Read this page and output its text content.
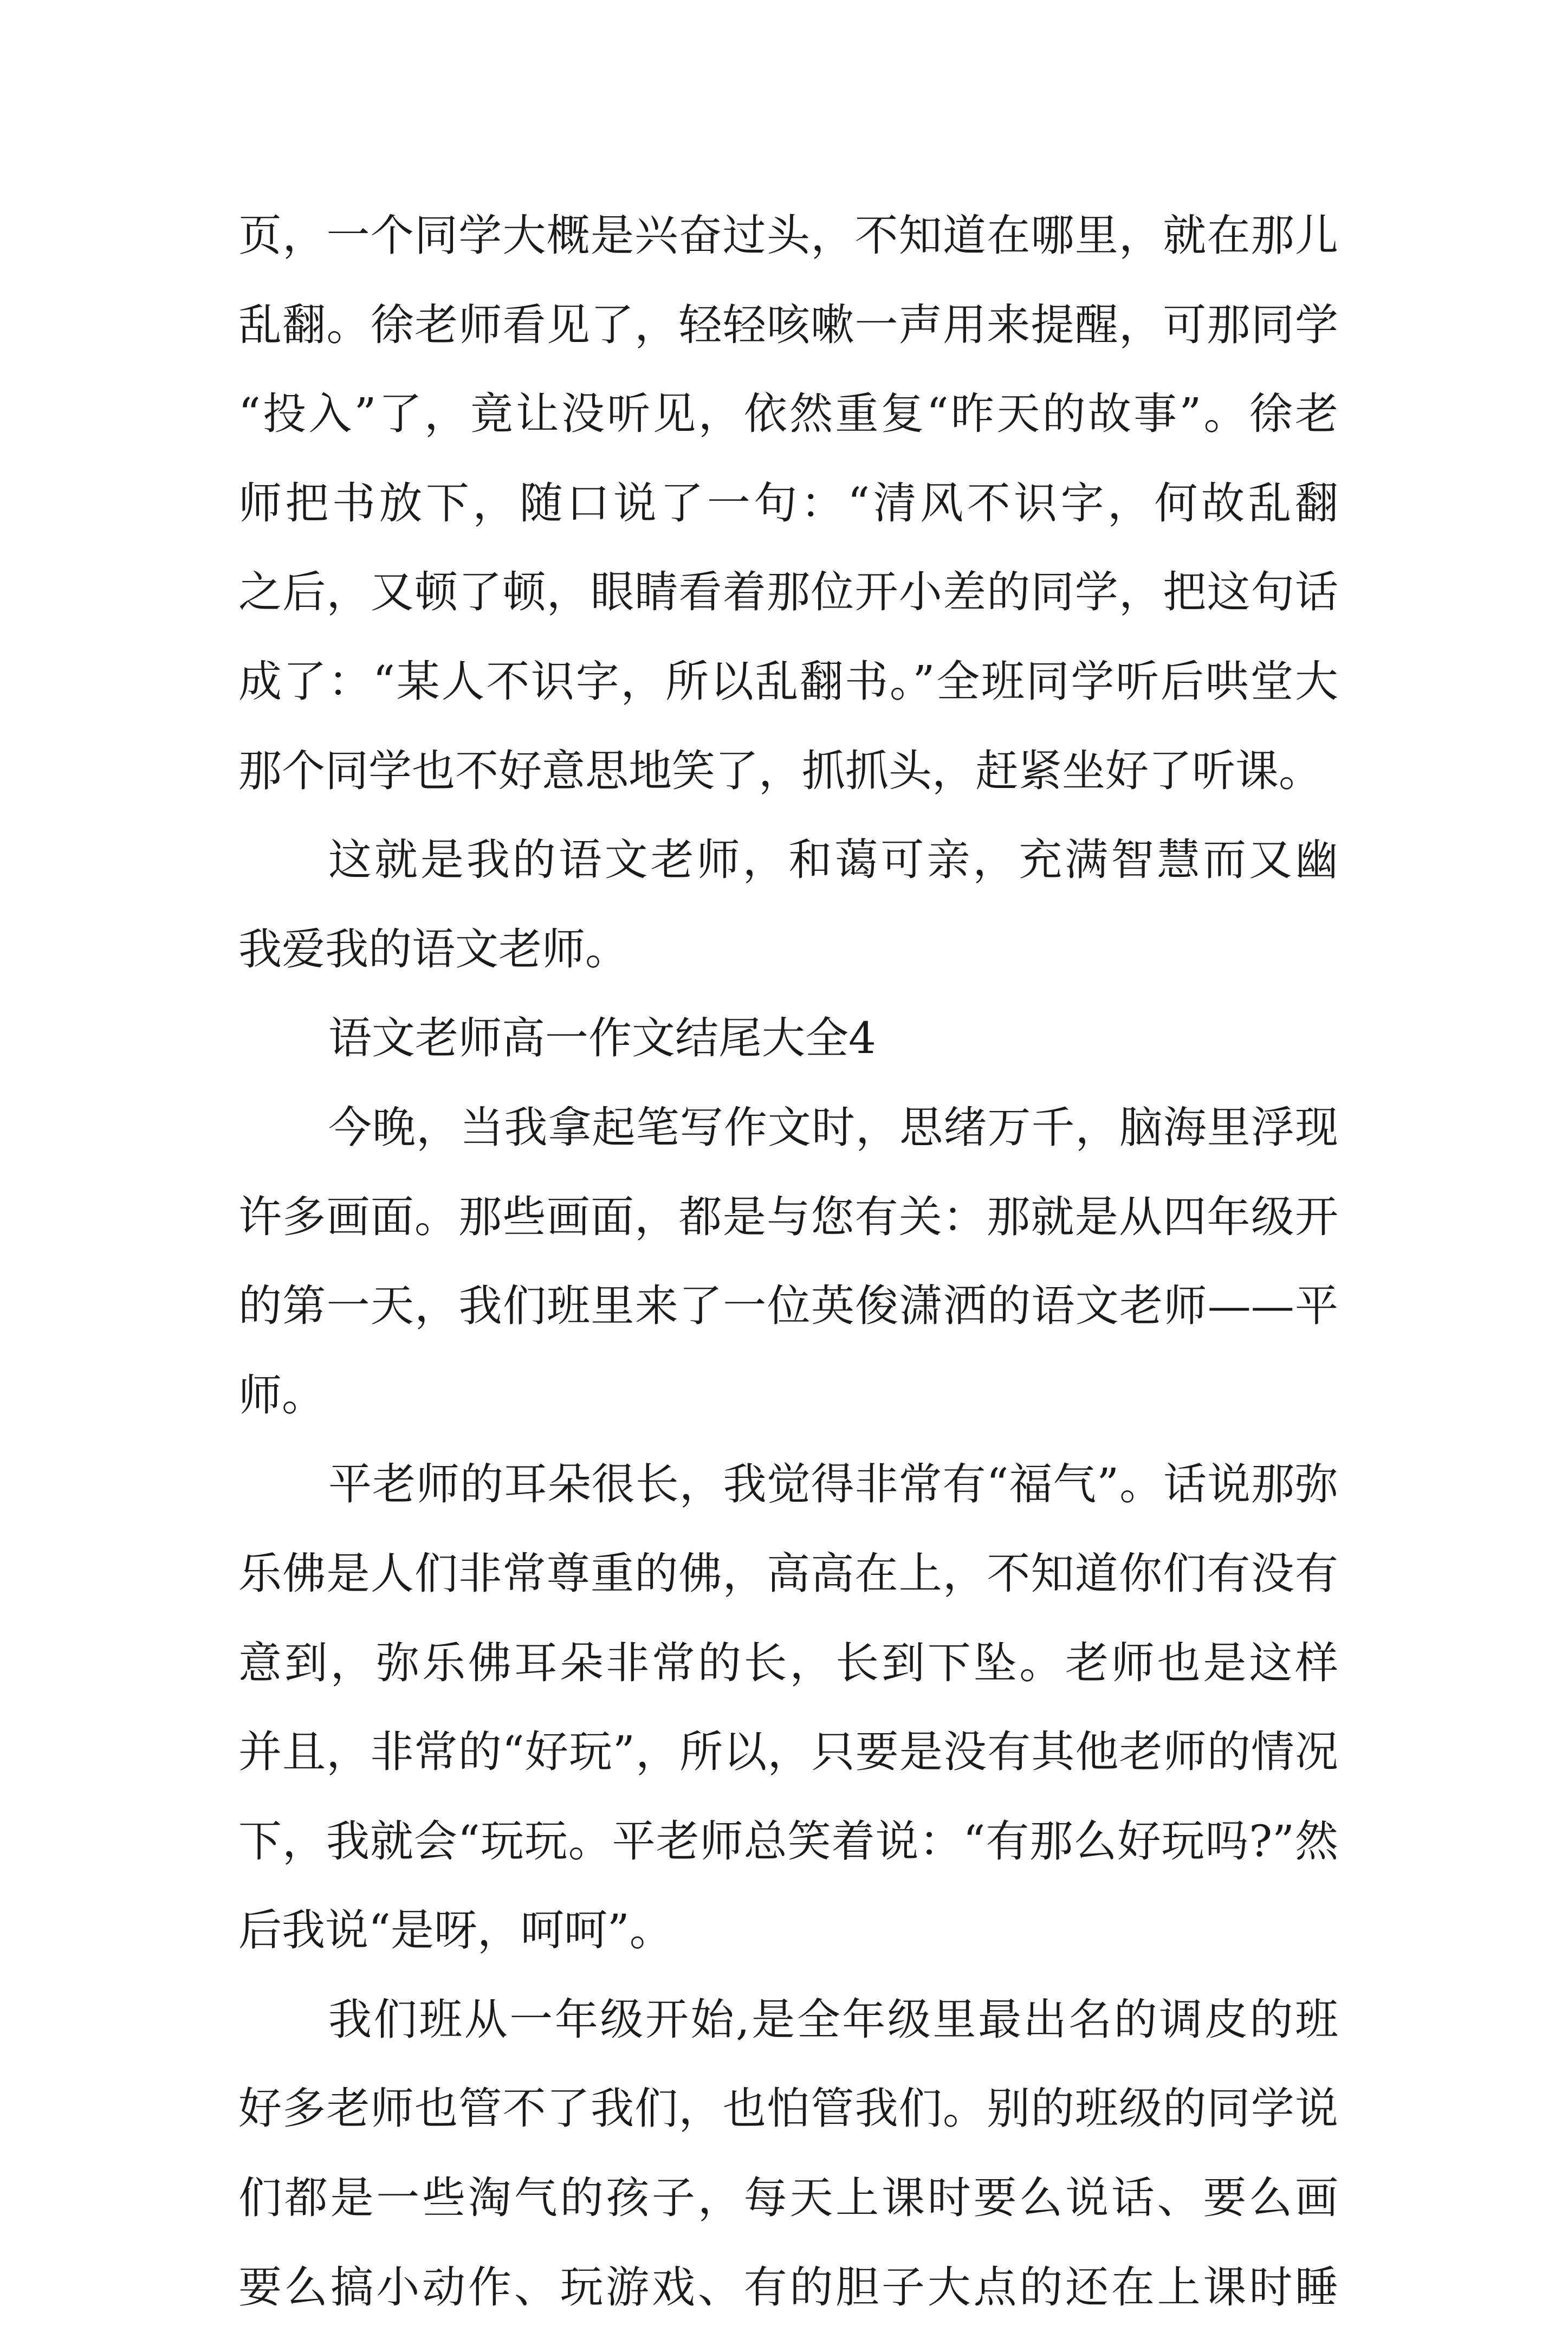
页，一个同学大概是兴奋过头，不知道在哪里，就在那儿
乱翻。徐老师看见了，轻轻咳嗽一声用来提醒，可那同学
“投入”了，竟让没听见，依然重复“昨天的故事”。徐老
师把书放下，随口说了一句：“清风不识字，何故乱翻
之后，又顿了顿，眼睛看着那位开小差的同学，把这句话
成了：“某人不识字，所以乱翻书。”全班同学听后哄堂大
那个同学也不好意思地笑了，抓抓头，赶紧坐好了听课。
这就是我的语文老师，和蔼可亲，充满智慧而又幽
我爱我的语文老师。
语文老师高一作文结尾大全4
今晚，当我拿起笔写作文时，思绪万千，脑海里浮现
许多画面。那些画面，都是与您有关：那就是从四年级开
的第一天，我们班里来了一位英俊潇洒的语文老师——平
师。
平老师的耳朵很长，我觉得非常有“福气”。话说那弥
乐佛是人们非常尊重的佛，高高在上，不知道你们有没有
意到，弥乐佛耳朵非常的长，长到下坠。老师也是这样
并且，非常的“好玩”，所以，只要是没有其他老师的情况
下，我就会“玩玩。平老师总笑着说：“有那么好玩吗?”然
后我说“是呀，呵呵”。
我们班从一年级开始,是全年级里最出名的调皮的班
好多老师也管不了我们，也怕管我们。别的班级的同学说
们都是一些淘气的孩子，每天上课时要么说话、要么画
要么搞小动作、玩游戏、有的胆子大点的还在上课时睡
